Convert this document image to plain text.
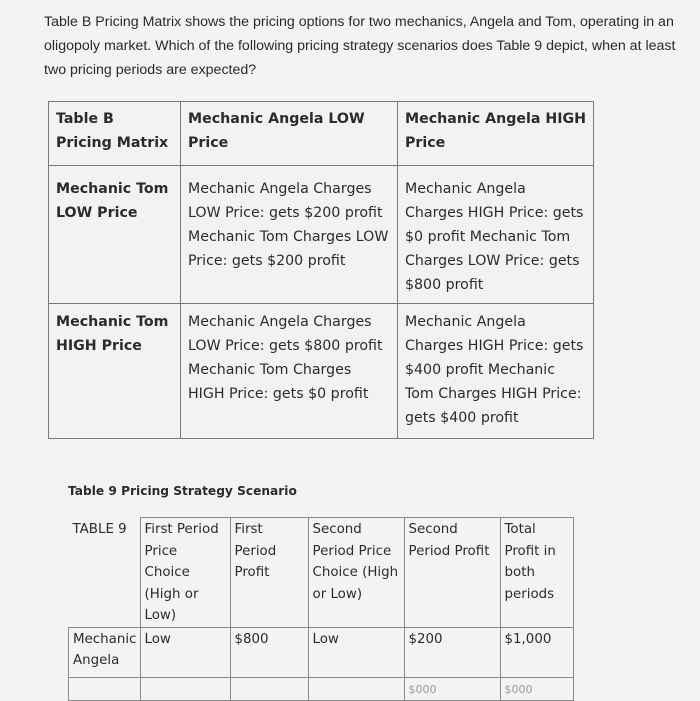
Table B Pricing Matrix shows the pricing options for two mechanics, Angela and Tom, operating in an oligopoly market. Which of the following pricing strategy scenarios does Table 9 depict, when at least two pricing periods are expected?
Table B Pricing Matrix	Mechanic Angela LOW Price	Mechanic Angela HIGH Price
Mechanic Tom LOW Price	Mechanic Angela Charges LOW Price: gets $200 profit Mechanic Tom Charges LOW Price: gets $200 profit	Mechanic Angela Charges HIGH Price: gets $0 profit Mechanic Tom Charges LOW Price: gets $800 profit
Mechanic Tom HIGH Price	Mechanic Angela Charges LOW Price: gets $800 profit Mechanic Tom Charges HIGH Price: gets $0 profit	Mechanic Angela Charges HIGH Price: gets $400 profit Mechanic Tom Charges HIGH Price: gets $400 profit
Table 9 Pricing Strategy Scenario
TABLE 9	First Period Price Choice (High or Low)	First Period Profit	Second Period Price Choice (High or Low)	Second Period Profit	Total Profit in both periods
Mechanic Angela	Low	$800	Low	$200	$1,000
				$000	$000
